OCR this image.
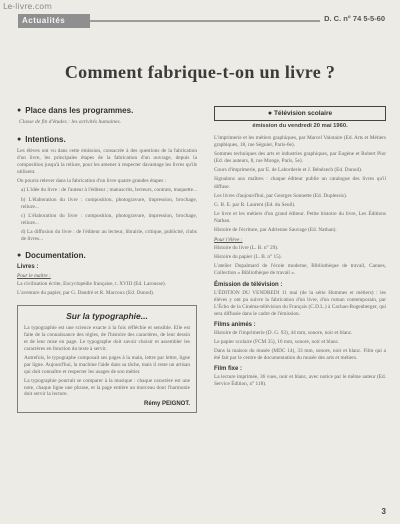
Le-livre.com
Actualités	D. C. n° 74 5-5-60
Comment fabrique-t-on un livre ?

● Place dans les programmes.

Classe de fin d'études : les activités humaines.

● Intentions.

Les élèves ont vu dans cette émission, consacrée à des questions de la fabrication d'un livre, les principales étapes de la fabrication d'un ouvrage, depuis la composition jusqu'à la reliure, pour les amener à respecter davantage les livres qu'ils utilisent.

On pourra relever dans la fabrication d'un livre quatre grandes étapes :

a) L'idée du livre : de l'auteur à l'éditeur ; manuscrits, lecteurs, contrats, maquette...

b) L'élaboration du livre : composition, photogravure, impression, brochage, reliure...

c) L'élaboration du livre : composition, photogravure, impression, brochage, reliure...

d) La diffusion du livre : de l'éditeur au lecteur, librairie, critique, publicité, clubs de livres...

● Documentation.

Livres :

Pour le maître :

La civilisation écrite, Encyclopédie française, t. XVIII (Ed. Larousse).

L'aventure du papier, par G. Dandré et R. Marcoux (Ed. Dunod).

Sur la typographie...

La typographie est une science exacte à la fois réfléchie et sensible. Elle est faite de la connaissance des règles, de l'histoire des caractères, de leur dessin et de leur mise en page. Le typographe doit savoir choisir et assembler les caractères en fonction du texte à servir.

Autrefois, le typographe composait ses pages à la main, lettre par lettre, ligne par ligne. Aujourd'hui, la machine l'aide dans sa tâche, mais il reste un artisan qui doit connaître et respecter les usages de son métier.

La typographie pourrait se comparer à la musique : chaque caractère est une note, chaque ligne une phrase, et la page entière un morceau dont l'harmonie doit servir la lecture.

Rémy PEIGNOT.

● Télévision scolaire

émission du vendredi 20 mai 1960.

L'imprimerie et les métiers graphiques, par Marcel Valotaire (Ed. Arts et Métiers graphiques, 18, rue Séguier, Paris-6e).

Sommes techniques des arts et industries graphiques, par Eugène et Robert Pior (Ed. des auteurs, 8, rue Monge, Paris, 5e).

Cours d'imprimerie, par E. de Laborderie et J. Bénézech (Ed. Dunod).

Signalons aux maîtres : chaque éditeur publie un catalogue des livres qu'il diffuse.

Les livres d'aujourd'hui, par Georges Sonnette (Ed. Duplessis).

G. B. E. par R. Laurent (Ed. du Seuil).

Le livre et les métiers d'un grand éditeur. Petite histoire du livre, Les Éditions Nathan.

Histoire de l'écriture, par Adrienne Sauvage (Ed. Nathan).

Pour l'élève :

Histoire du livre (L. B. n° 29).

Histoire du papier (L. B. n° 15).

L'atelier Dopalmard de l'école moderne, Bibliothèque de travail, Cannes, Collection « Bibliothèque de travail ».

Émission de télévision :

L'ÉDITION DU VENDREDI 11 mai (de la série Hommes et métiers) : les élèves y ont pu suivre la fabrication d'un livre, d'un roman contemporain, par L'Écho de la Cinéma-télévision du Français (C.D.L.) à Cachan-Bogenberger, qui sera diffusée dans le cadre de l'émission.

Films animés :

Histoire de l'imprimerie (D. G. 93), 44 mm, sonore, noir et blanc.

Le papier scolaire (FCM 35), 16 mm, sonore, noir et blanc.

Dans la maison du musée (MDC 14), 33 mm, sonore, noir et blanc. Film qui a été fait par le centre de documentation du musée des arts et métiers.

Film fixe :

La lecture imprimée, 36 vues, noir et blanc, avec notice par le même auteur (Ed. Service Édition, n° 118).

3
